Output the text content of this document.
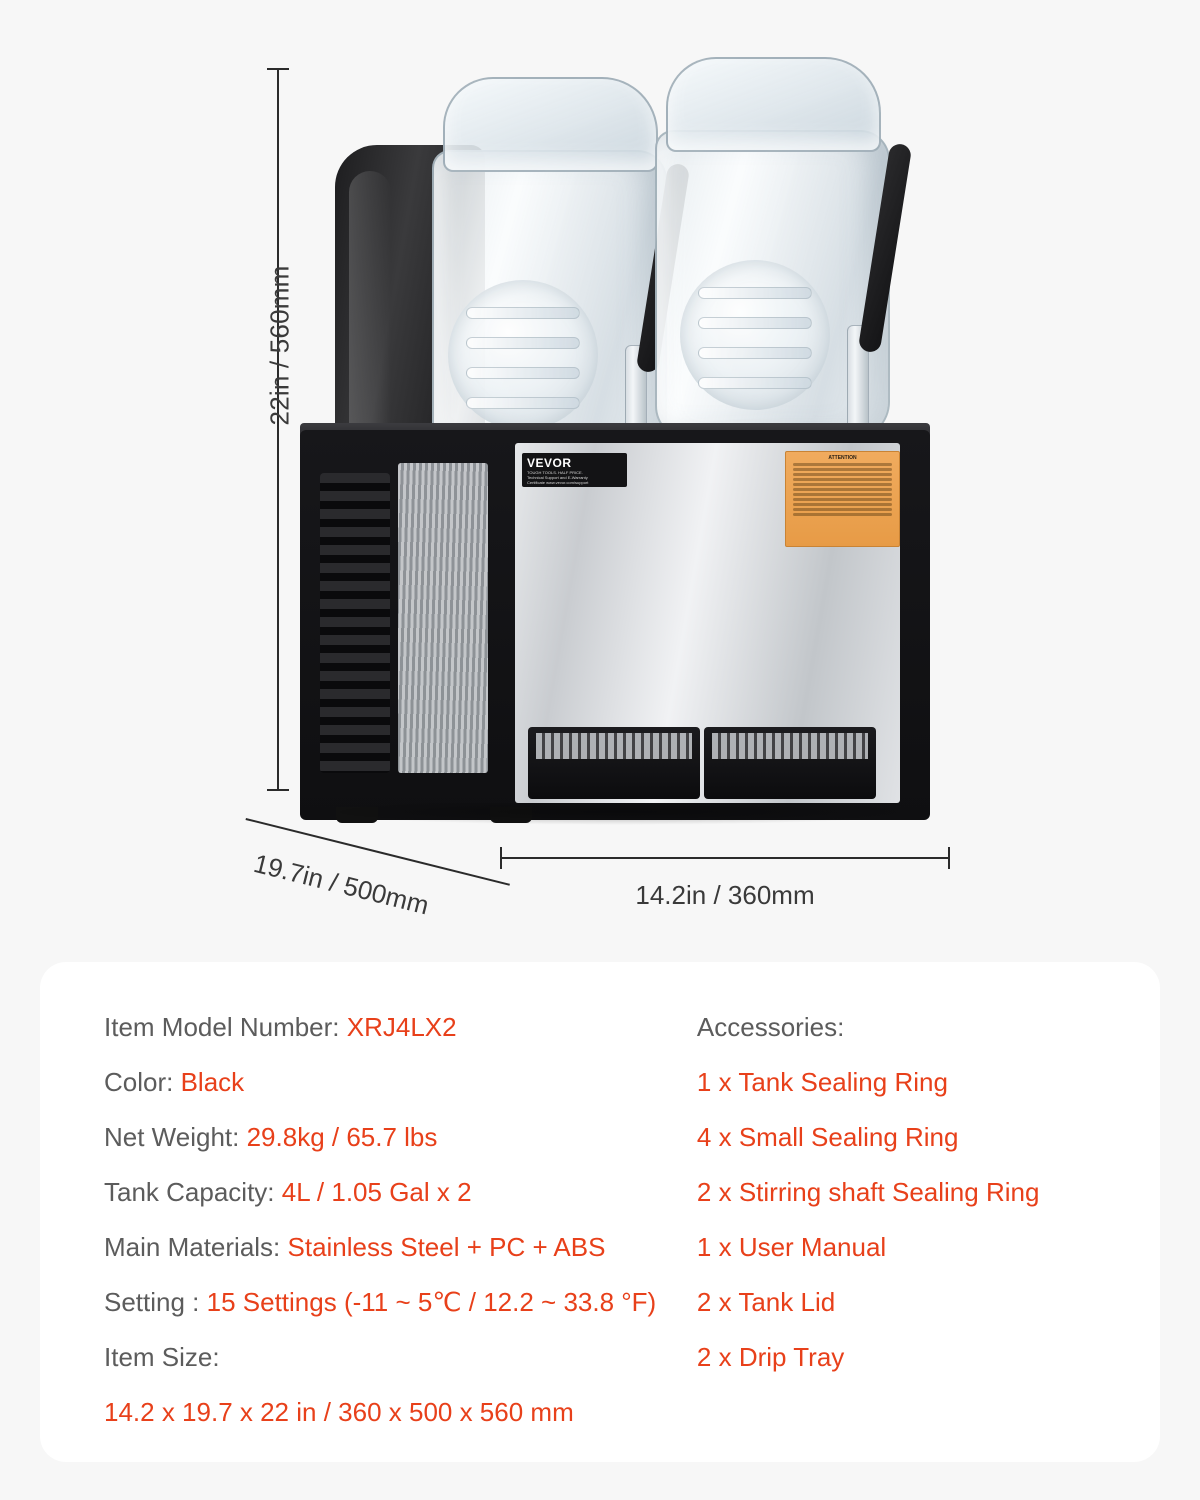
22in / 560mm
VEVOR
TOUGH TOOLS. HALF PRICE.
Technical Support and E-Warranty
Certificate www.vevor.com/support
ATTENTION
19.7in / 500mm	14.2in / 360mm
Item Model Number: XRJ4LX2
Color: Black
Net Weight: 29.8kg / 65.7 lbs
Tank Capacity: 4L / 1.05 Gal x 2
Main Materials: Stainless Steel + PC + ABS
Setting : 15 Settings (-11 ~ 5℃ / 12.2 ~ 33.8 °F)
Item Size:
14.2 x 19.7 x 22 in / 360 x 500 x 560 mm
Accessories:
1 x Tank Sealing Ring
4 x Small Sealing Ring
2 x Stirring shaft Sealing Ring
1 x User Manual
2 x Tank Lid
2 x Drip Tray
